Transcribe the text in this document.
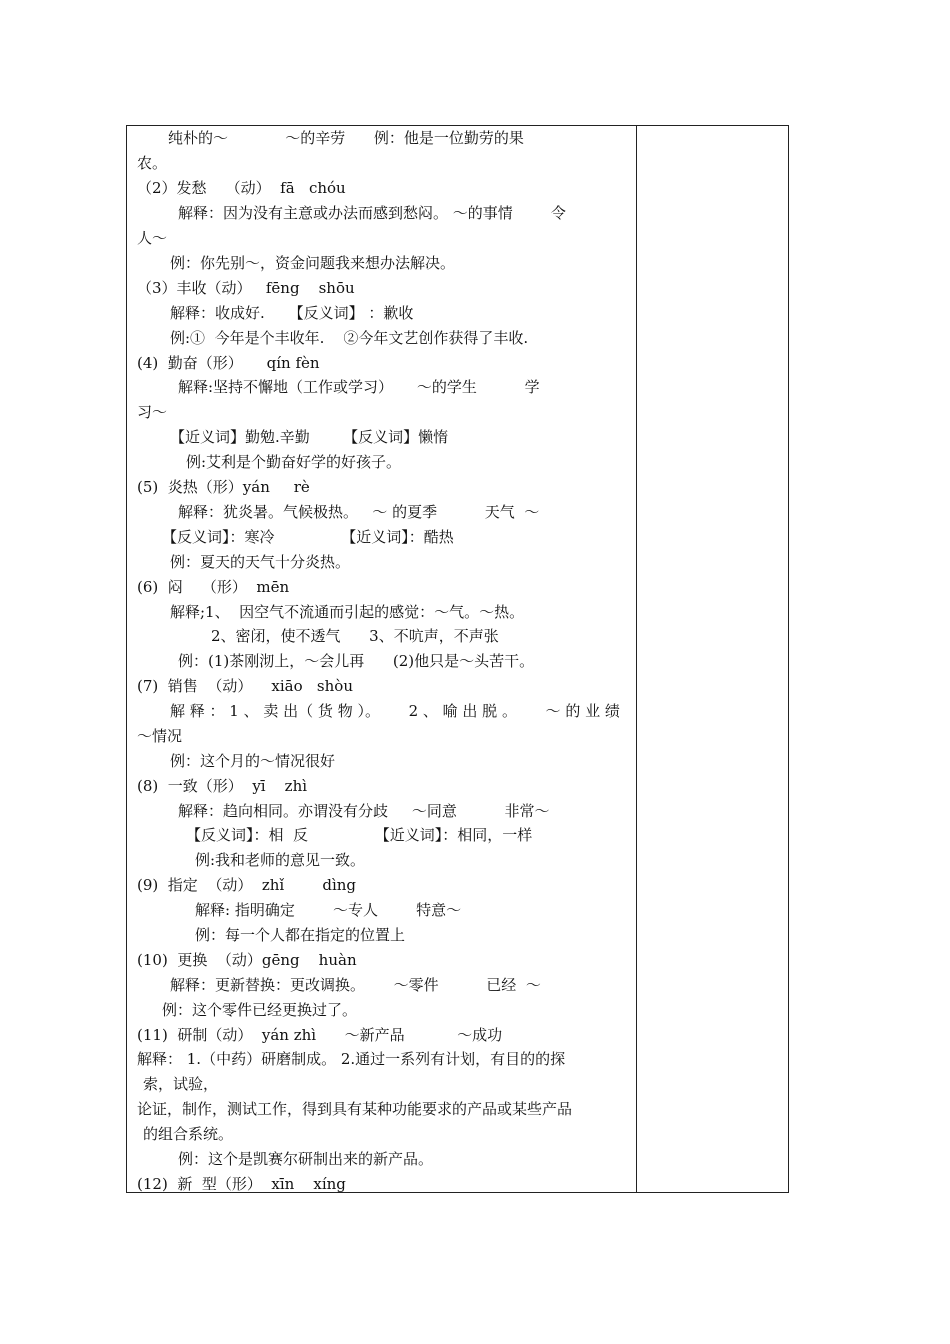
纯朴的～            ～的辛劳      例：他是一位勤劳的果
农。
（2）发愁    （动）  fā   chóu
解释：因为没有主意或办法而感到愁闷。 ～的事情        令
人～
例：你先别～，资金问题我来想办法解决。
（3）丰收（动）   fēng    shōu
解释：收成好.     【反义词】 ：歉收
例:①  今年是个丰收年.    ②今年文艺创作获得了丰收.
(4)  勤奋（形）     qín fèn
解释:坚持不懈地（工作或学习）     ～的学生          学
习～
【近义词】勤勉.辛勤       【反义词】懒惰
例:艾利是个勤奋好学的好孩子。
(5)  炎热（形）yán     rè
解释：犹炎暑。气候极热。   ～ 的夏季          天气  ～
【反义词】：寒冷              【近义词】：酷热
例：夏天的天气十分炎热。
(6)  闷    （形）  mēn
解释;1、  因空气不流通而引起的感觉：～气。～热。
2、密闭，使不透气      3、不吭声，不声张
例：(1)茶刚沏上，～会儿再      (2)他只是～头苦干。
(7)  销售  （动）    xiāo   shòu
解 释 ： 1 、 卖 出（ 货 物 ）。      2 、 喻 出 脱 。      ～ 的 业 绩
～情况
例：这个月的～情况很好
(8)  一致（形）  yī    zhì
解释：趋向相同。亦谓没有分歧     ～同意          非常～
【反义词】：相  反              【近义词】：相同，一样
例:我和老师的意见一致。
(9)  指定  （动）  zhǐ        dìng
解释: 指明确定        ～专人        特意～
例：每一个人都在指定的位置上
(10)  更换  （动）gēng    huàn
解释：更新替换：更改调换。      ～零件          已经  ～
例：这个零件已经更换过了。
(11)  研制（动）  yán zhì      ～新产品           ～成功
解释： 1.（中药）研磨制成。 2.通过一系列有计划，有目的的探
索，试验，
论证，制作，测试工作，得到具有某种功能要求的产品或某些产品
的组合系统。
例：这个是凯赛尔研制出来的新产品。
(12)  新  型（形）  xīn    xíng
